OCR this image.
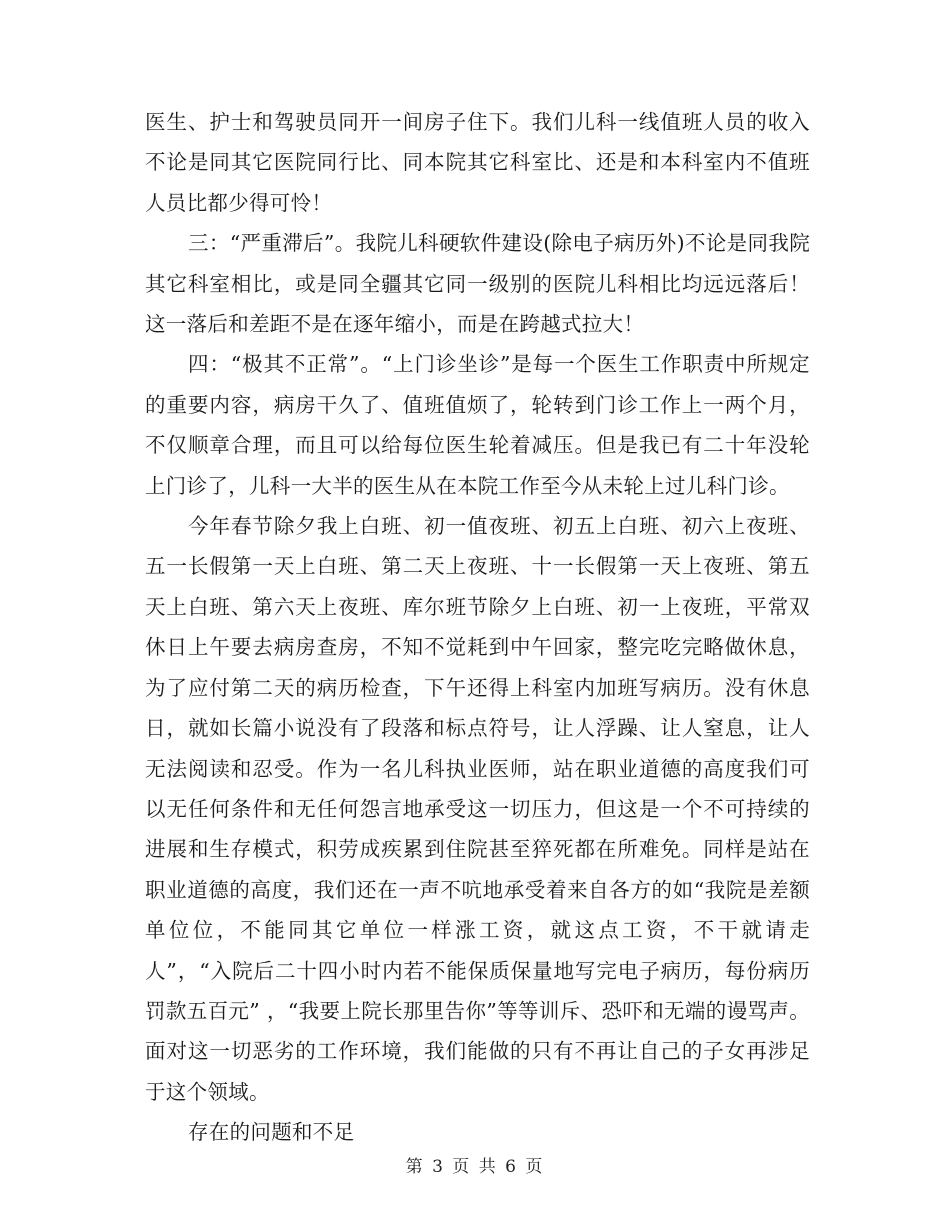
医生、护士和驾驶员同开一间房子住下。我们儿科一线值班人员的收入不论是同其它医院同行比、同本院其它科室比、还是和本科室内不值班人员比都少得可怜！

三：“严重滞后”。我院儿科硬软件建设(除电子病历外)不论是同我院其它科室相比，或是同全疆其它同一级别的医院儿科相比均远远落后！这一落后和差距不是在逐年缩小，而是在跨越式拉大！

四：“极其不正常”。“上门诊坐诊”是每一个医生工作职责中所规定的重要内容，病房干久了、值班值烦了，轮转到门诊工作上一两个月，不仅顺章合理，而且可以给每位医生轮着减压。但是我已有二十年没轮上门诊了，儿科一大半的医生从在本院工作至今从未轮上过儿科门诊。

今年春节除夕我上白班、初一值夜班、初五上白班、初六上夜班、五一长假第一天上白班、第二天上夜班、十一长假第一天上夜班、第五天上白班、第六天上夜班、库尔班节除夕上白班、初一上夜班，平常双休日上午要去病房查房，不知不觉耗到中午回家，整完吃完略做休息，为了应付第二天的病历检查，下午还得上科室内加班写病历。没有休息日，就如长篇小说没有了段落和标点符号，让人浮躁、让人窒息，让人无法阅读和忍受。作为一名儿科执业医师，站在职业道德的高度我们可以无任何条件和无任何怨言地承受这一切压力，但这是一个不可持续的进展和生存模式，积劳成疾累到住院甚至猝死都在所难免。同样是站在职业道德的高度，我们还在一声不吭地承受着来自各方的如“我院是差额单位位，不能同其它单位一样涨工资，就这点工资，不干就请走人”，“入院后二十四小时内若不能保质保量地写完电子病历，每份病历罚款五百元” ，“我要上院长那里告你”等等训斥、恐吓和无端的谩骂声。面对这一切恶劣的工作环境，我们能做的只有不再让自己的子女再涉足于这个领域。

存在的问题和不足

第 3 页 共 6 页
